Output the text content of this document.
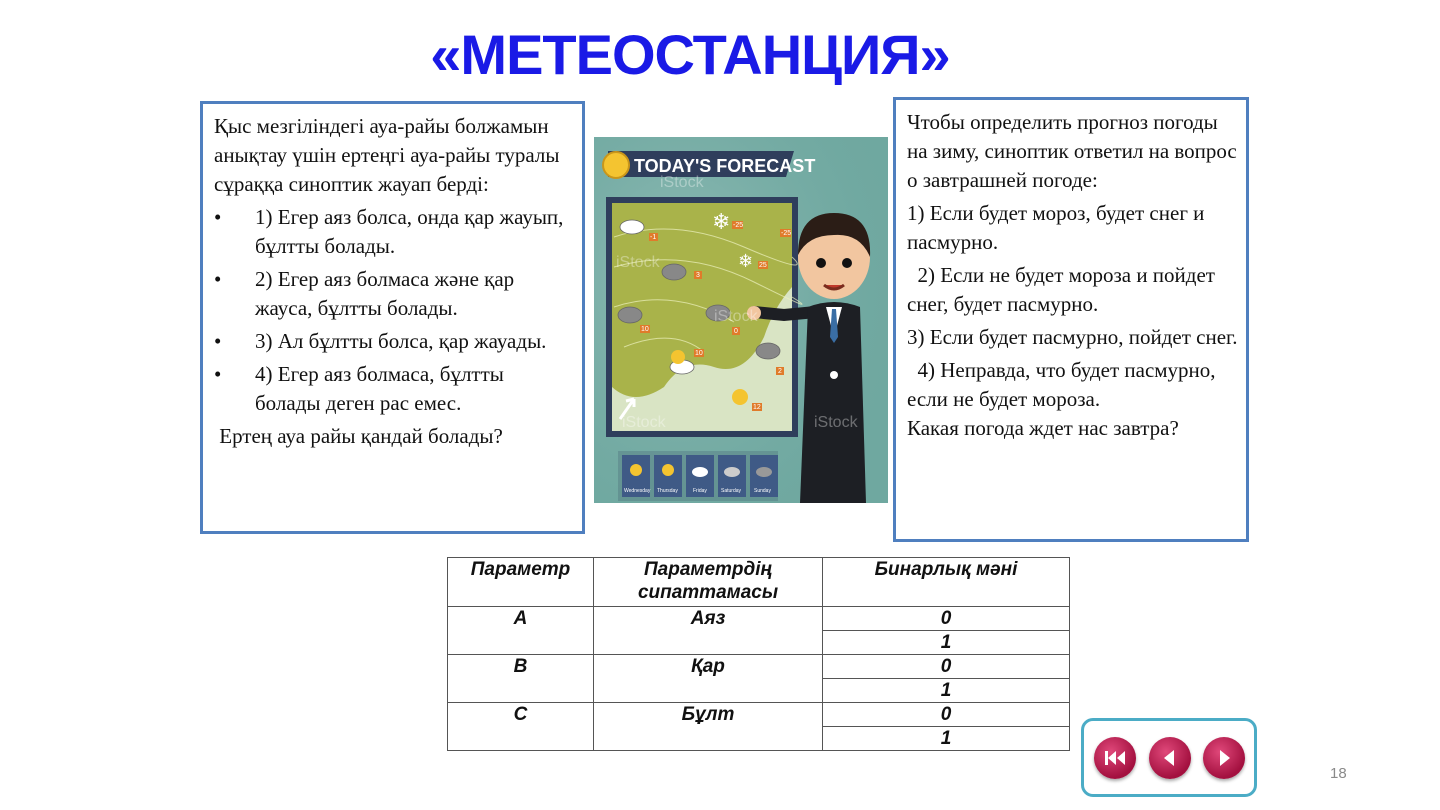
«МЕТЕОСТАНЦИЯ»

Қыс мезгіліндегі ауа-райы болжамын анықтау үшін ертеңгі ауа-райы туралы сұраққа синоптик жауап берді:

• 1) Егер аяз болса, онда қар жауып, бұлтты болады.
• 2) Егер аяз болмаса және қар жауса, бұлтты болады.
• 3) Ал бұлтты болса, қар жауады.
• 4) Егер аяз болмаса, бұлтты болады деген рас емес.

Ертең ауа райы қандай болады?

TODAY'S FORECAST
❄
❄
-1
-25
-25
25
3
10	0
10
2
12
Wednesday Thursday	Friday	Saturday	Sunday
iStock
iStock
iStock
iStock	iStock

Чтобы определить прогноз погоды на зиму, синоптик ответил на вопрос о завтрашней погоде:

1) Если будет мороз, будет снег и пасмурно.

2) Если не будет мороза и пойдет снег, будет пасмурно.

3) Если будет пасмурно, пойдет снег.

4) Неправда, что будет пасмурно, если не будет мороза.

Какая погода ждет нас завтра?

Параметр	Параметрдің сипаттамасы	Бинарлық мәні
A	Аяз	0
		1
B	Қар	0
		1
C	Бұлт	0
		1
18
